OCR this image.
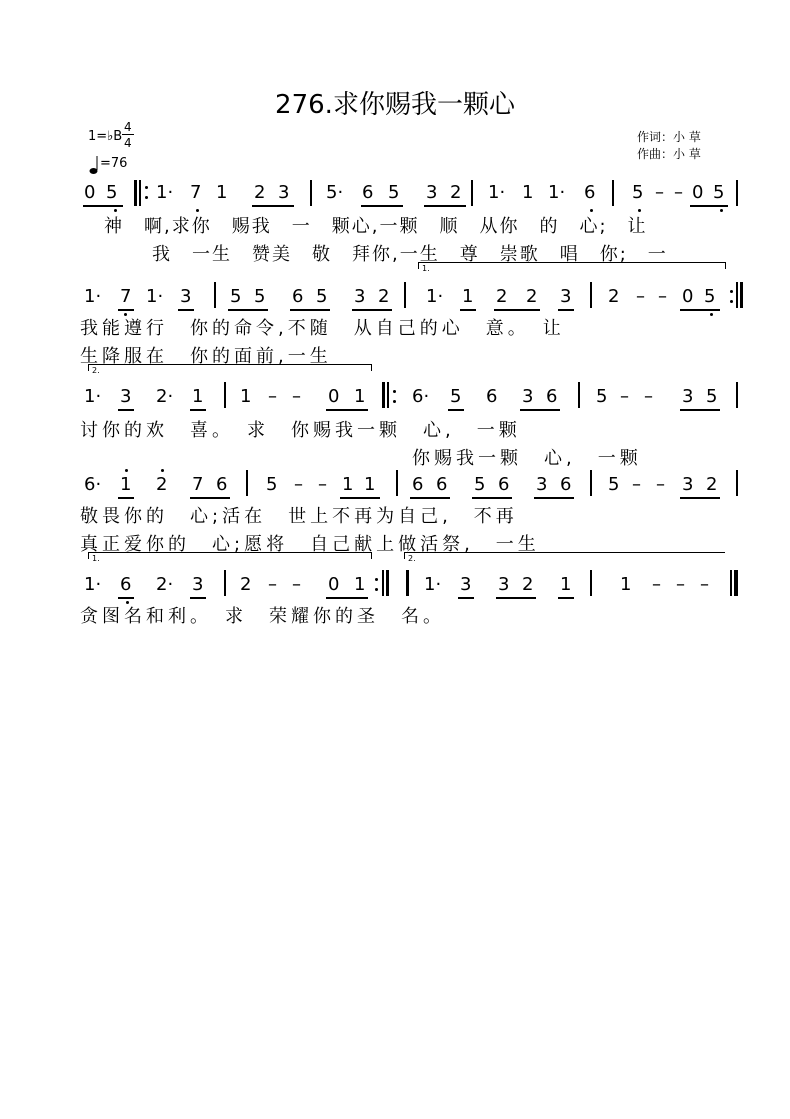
276.求你赐我一颗心
1=♭B
4
4
=76
作词：小 草
作曲：小 草
0 5 1· 7 1 2 3 5· 6 5 3 2 1· 1 1· 6 5 – – 0 5
神　啊,求你　赐我　一　颗心,一颗　顺　从你　的　心;　让
我　一生　赞美　敬　拜你,一生　尊　崇歌　唱　你;　一
1.
1· 7 1· 3 5 5 6 5 3 2 1· 1 2 2 3 2 – – 0 5
我能遵行　你的命令,不随　从自己的心　意。　让
生降服在　你的面前,一生
2.
1· 3 2· 1 1 – – 0 1	6· 5 6 3 6 5 – – 3 5
讨你的欢　喜。　求　你赐我一颗　心,　一颗
你赐我一颗　心,　一颗
6· 1 2 7 6 5 – – 1 1 6 6 5 6 3 6 5 – – 3 2
敬畏你的　心;活在　世上不再为自己,　不再
真正爱你的　心;愿将　自己献上做活祭,　一生
1.	2.
1· 6 2· 3 2 – – 0 1	1· 3 3 2 1	1 – – –
贪图名和利。　求　荣耀你的圣　名。
